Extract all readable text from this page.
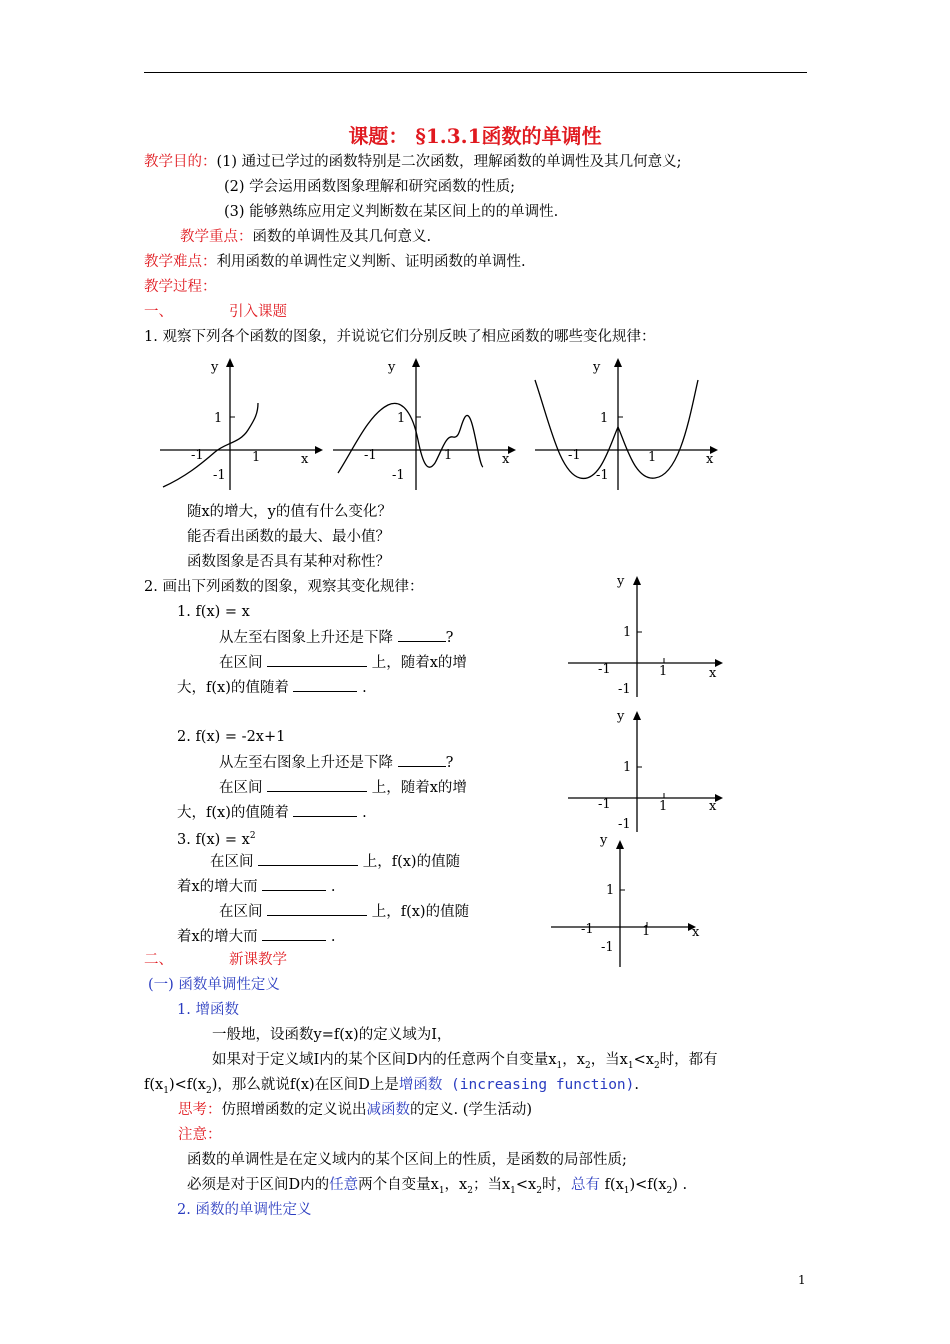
课题： §1.3.1函数的单调性
教学目的：(1) 通过已学过的函数特别是二次函数，理解函数的单调性及其几何意义;
(2) 学会运用函数图象理解和研究函数的性质;
(3) 能够熟练应用定义判断数在某区间上的的单调性.
教学重点：函数的单调性及其几何意义.
教学难点：利用函数的单调性定义判断、证明函数的单调性.
教学过程：
一、	引入课题
1. 观察下列各个函数的图象，并说说它们分别反映了相应函数的哪些变化规律：
y
1
-1	1	x
-1
y
1
-1	1	x
-1
y
1
-1	1	x
-1
随x的增大，y的值有什么变化？
能否看出函数的最大、最小值？
函数图象是否具有某种对称性？
2. 画出下列函数的图象，观察其变化规律：
1. f(x) = x
从左至右图象上升还是下降	?
在区间	上，随着x的增
大，f(x)的值随着	.
2. f(x) = -2x+1
从左至右图象上升还是下降	?
在区间	上，随着x的增
大，f(x)的值随着	.
3. $f(x) = x^2$
在区间	上，f(x)的值随
着x的增大而	.
在区间	上，f(x)的值随
着x的增大而	.
y
1
-1	1	x
-1
y
1
-1	1	x
-1
y
1
-1	1	x
-1
二、	新课教学
(一) 函数单调性定义
1. 增函数
一般地，设函数y=f(x)的定义域为I，
如果对于定义域I内的某个区间D内的任意两个自变量$x_1$，$x_2$，当$x_1<x_2$时，都有
$f(x_1)<f(x_2)$，那么就说f(x)在区间D上是增函数 (increasing function).
思考：仿照增函数的定义说出减函数的定义. (学生活动)
注意：
函数的单调性是在定义域内的某个区间上的性质，是函数的局部性质;
必须是对于区间D内的任意两个自变量$x_1$，$x_2$；当$x_1<x_2$时，总有 $f(x_1)<f(x_2)$ .
2. 函数的单调性定义
1
